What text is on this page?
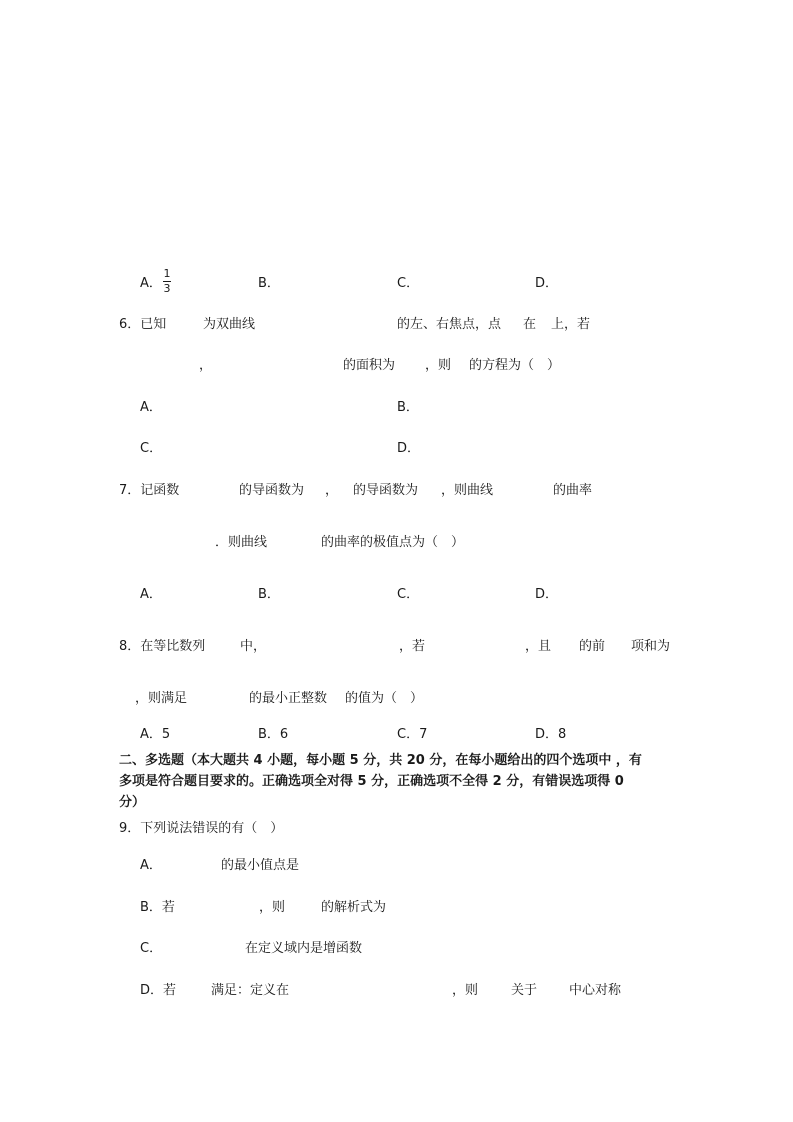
A．
1
3	B．	C．	D．
6．已知	为双曲线	的左、右焦点，点 在 上，若
，	的面积为 ，则 的方程为（　）
A．	B．
C．	D．
7．记函数	的导函数为 ， 的导函数为 ，则曲线	的曲率
．则曲线	的曲率的极值点为（　）
A．	B．	C．	D．
8．在等比数列	中，	，若	，且 的前 项和为
，则满足	的最小正整数 的值为（　）
A．5	B．6	C．7	D．8
二、多选题（本大题共 4 小题，每小题 5 分，共 20 分，在每小题给出的四个选项中 ，有
多项是符合题目要求的。正确选项全对得 5 分，正确选项不全得 2 分，有错误选项得 0
分）
9．下列说法错误的有（　）
A．	的最小值点是
B．若	，则	的解析式为
C．	在定义域内是增函数
D．若	满足：定义在	，则	关于 中心对称
